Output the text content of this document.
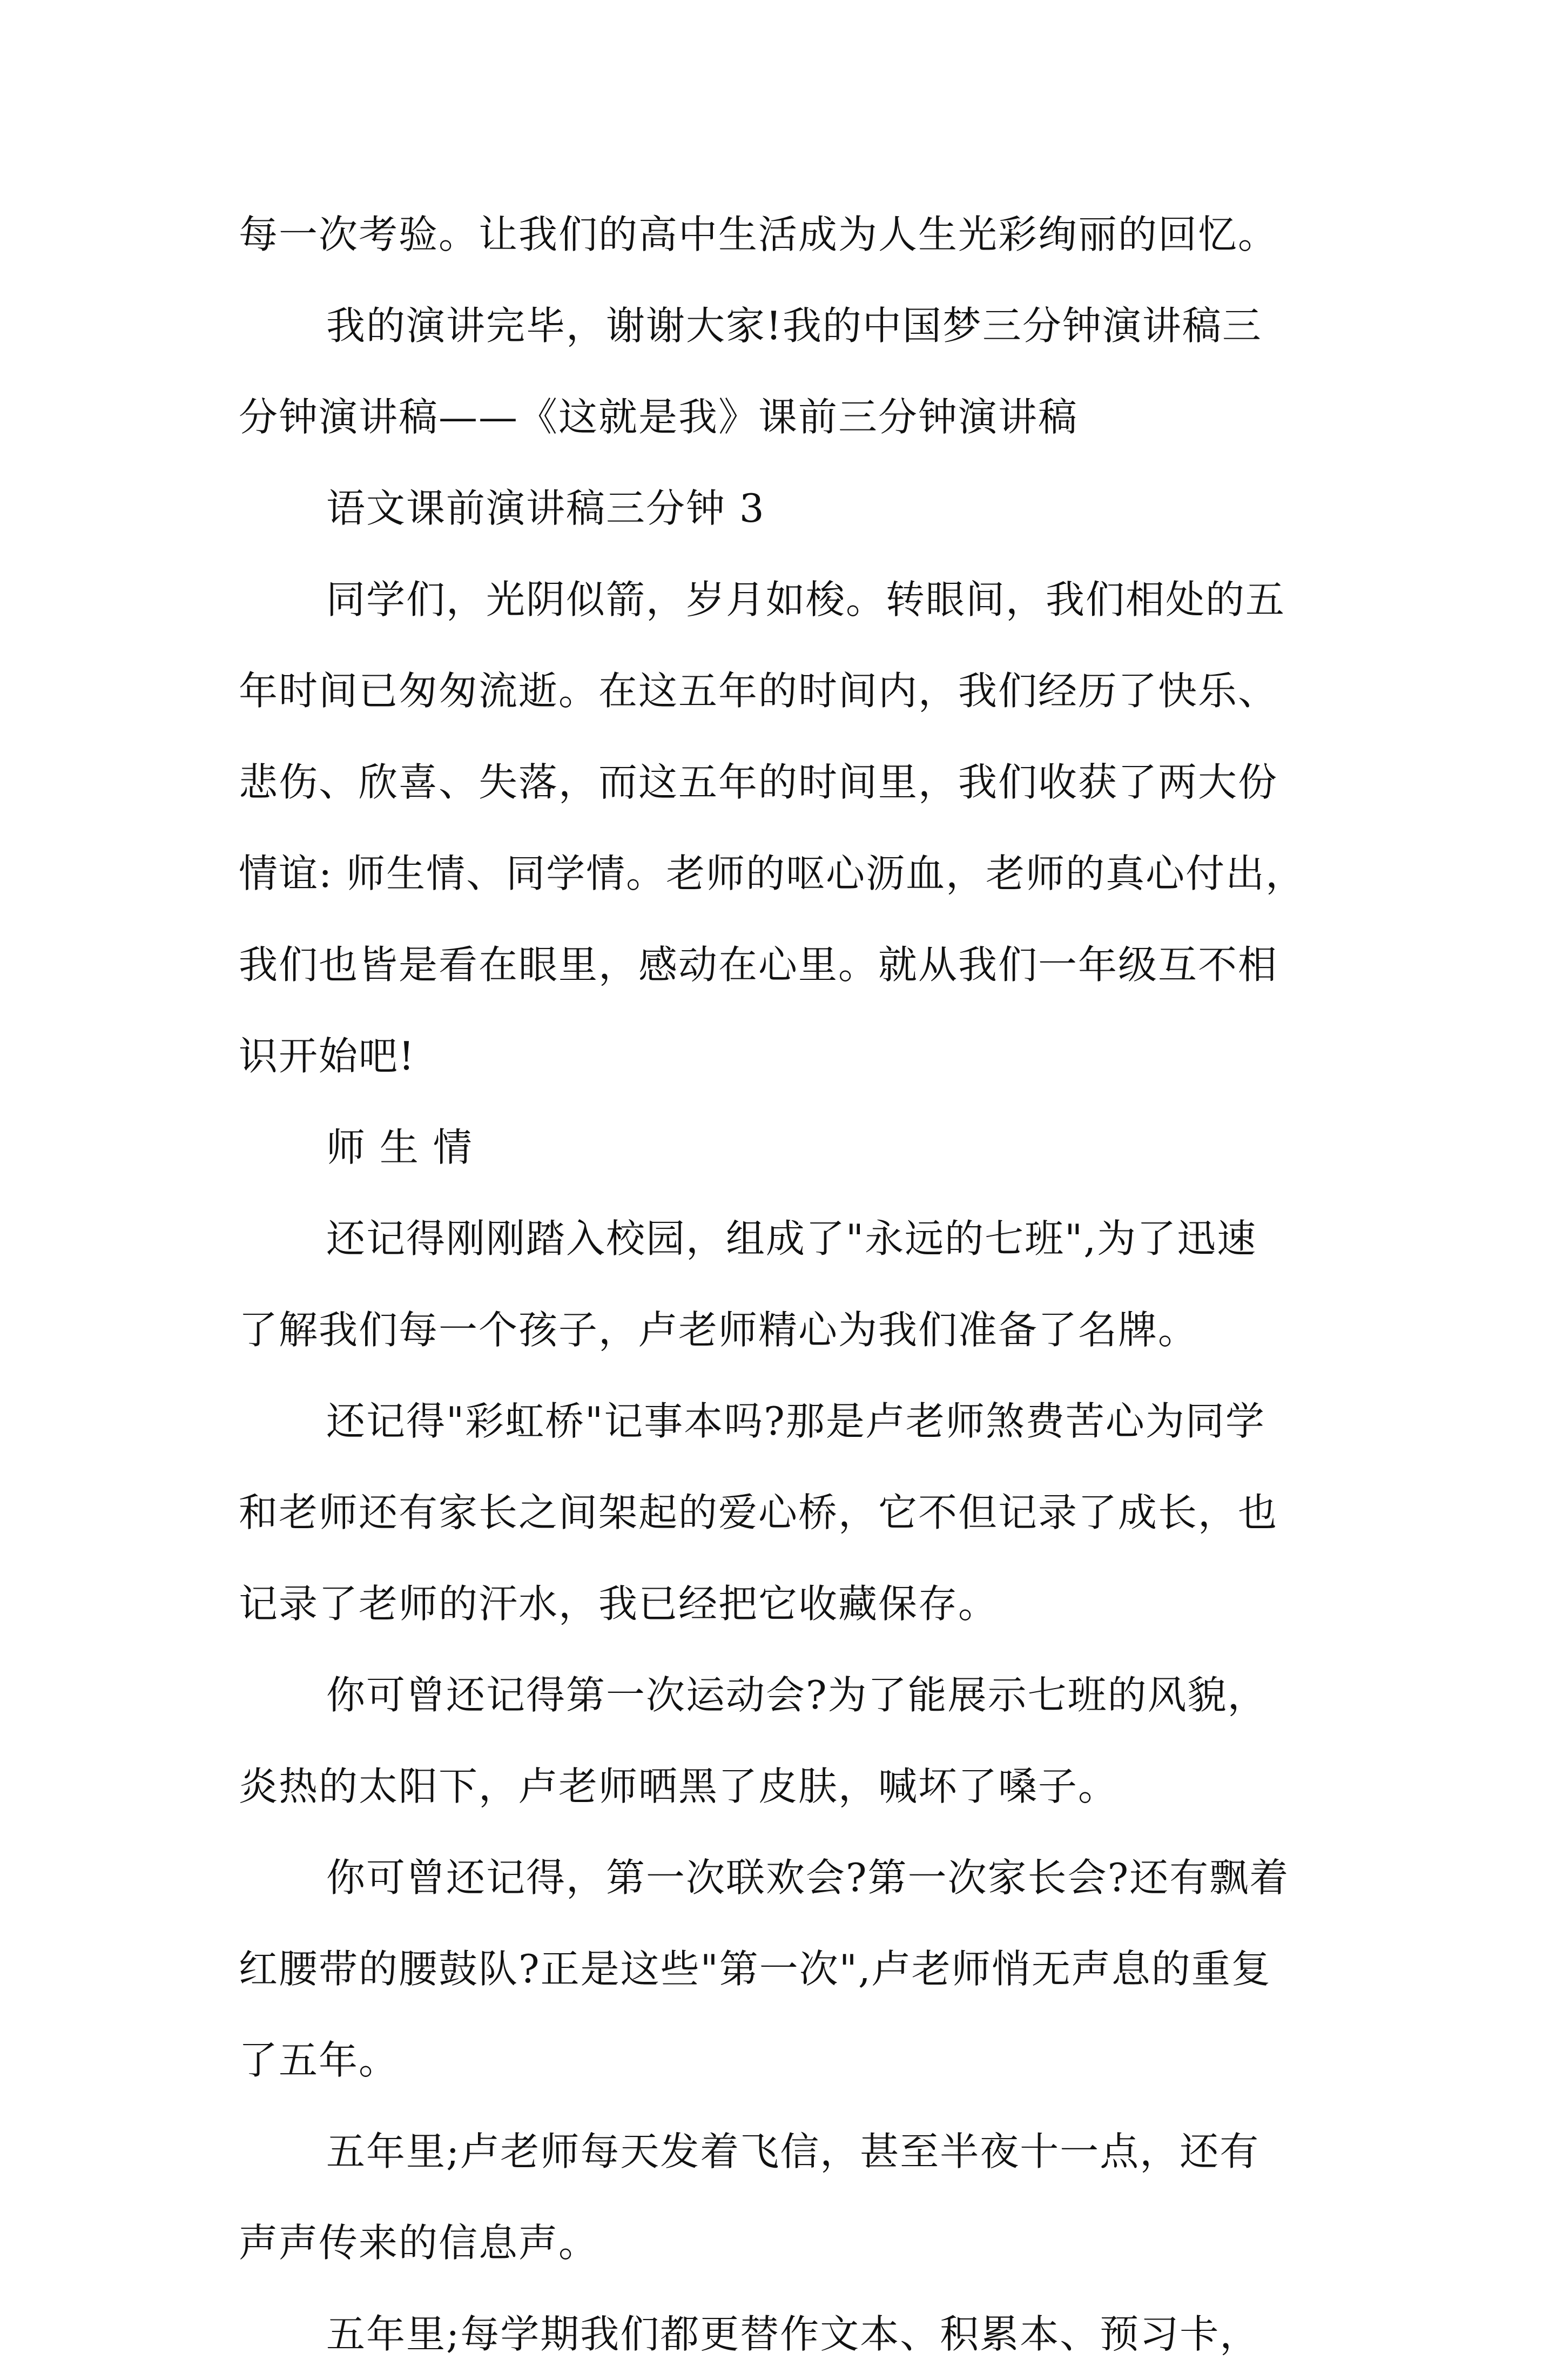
每一次考验。让我们的高中生活成为人生光彩绚丽的回忆。
我的演讲完毕，谢谢大家!我的中国梦三分钟演讲稿三
分钟演讲稿——《这就是我》课前三分钟演讲稿
语文课前演讲稿三分钟 3
同学们，光阴似箭，岁月如梭。转眼间，我们相处的五
年时间已匆匆流逝。在这五年的时间内，我们经历了快乐、
悲伤、欣喜、失落，而这五年的时间里，我们收获了两大份
情谊: 师生情、同学情。老师的呕心沥血，老师的真心付出，
我们也皆是看在眼里，感动在心里。就从我们一年级互不相
识开始吧!
师 生 情
还记得刚刚踏入校园，组成了"永远的七班",为了迅速
了解我们每一个孩子，卢老师精心为我们准备了名牌。
还记得"彩虹桥"记事本吗?那是卢老师煞费苦心为同学
和老师还有家长之间架起的爱心桥，它不但记录了成长，也
记录了老师的汗水，我已经把它收藏保存。
你可曾还记得第一次运动会?为了能展示七班的风貌，
炎热的太阳下，卢老师晒黑了皮肤，喊坏了嗓子。
你可曾还记得，第一次联欢会?第一次家长会?还有飘着
红腰带的腰鼓队?正是这些"第一次",卢老师悄无声息的重复
了五年。
五年里;卢老师每天发着飞信，甚至半夜十一点，还有
声声传来的信息声。
五年里;每学期我们都更替作文本、积累本、预习卡，
